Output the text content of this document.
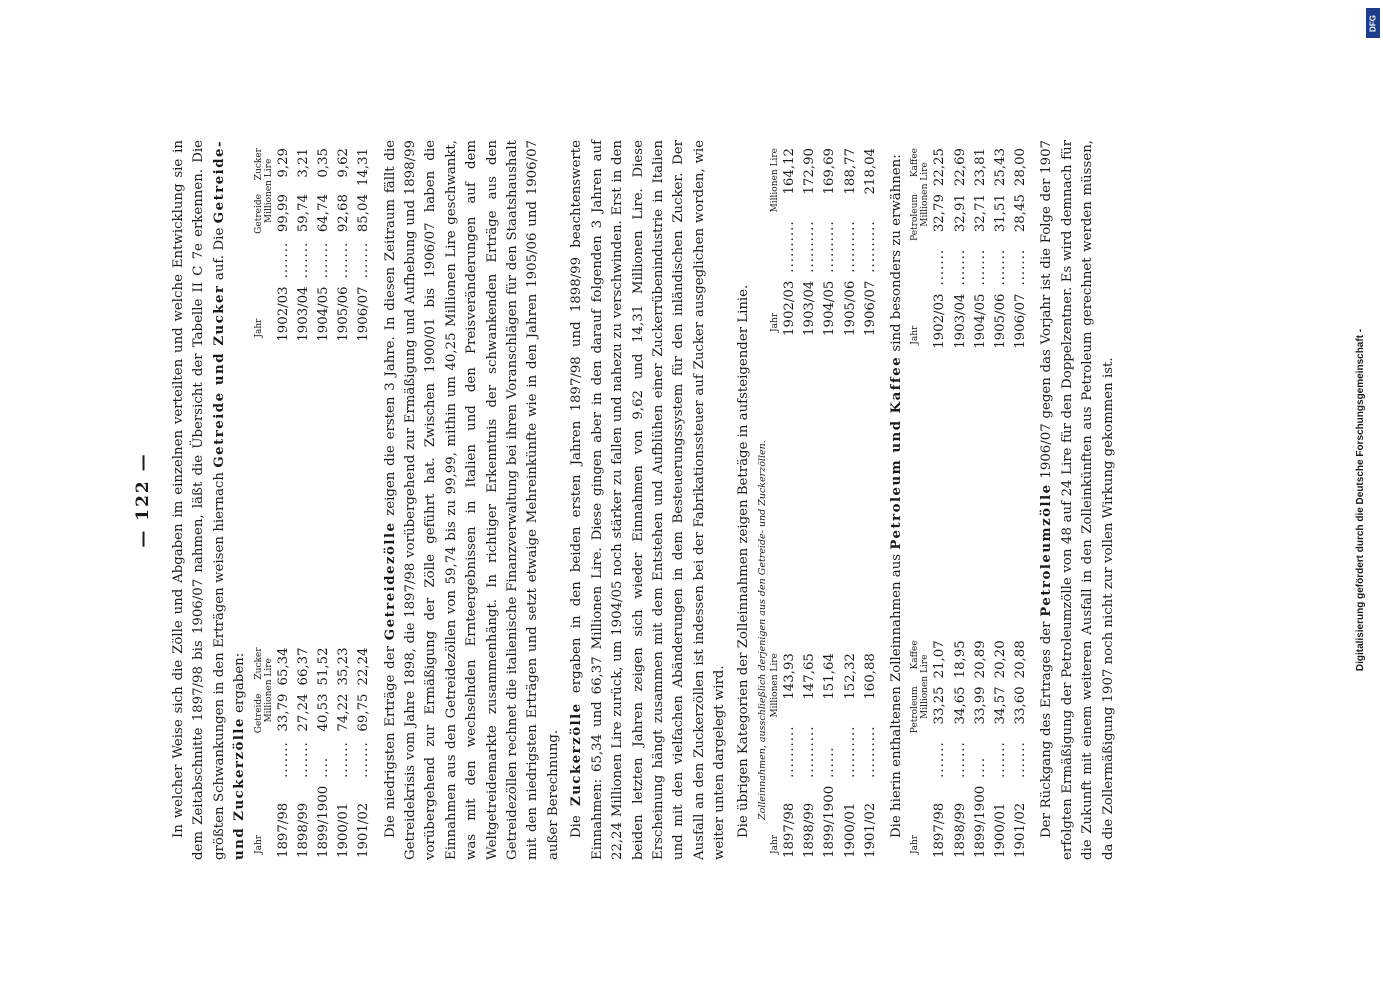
— 122 — In welcher Weise sich die Zölle und Abgaben im einzelnen verteilten und welche Entwicklung sie in dem Zeitabschnitte 1897/98 bis 1906/07 nahmen, läßt die Übersicht der Tabelle II C 7e erkennen. Die größten Schwankungen in den Erträgen weisen hiernach Getreide und Zucker auf. Die Getreide- und Zuckerzölle ergaben:

Jahr		Getreide	Zucker
		Millionen Lire	
1897/98	.......	33,79	65,34
1898/99	.......	27,24	66,37
1899/1900	....	40,53	51,52
1900/01	.......	74,22	35,23
1901/02	.......	69,75	22,24
Jahr		Getreide	Zucker
		Millionen Lire	
1902/03	.......	99,99	9,29
1903/04	.......	59,74	3,21
1904/05	.......	64,74	0,35
1905/06	.......	92,68	9,62
1906/07	.......	85,04	14,31

Die niedrigsten Erträge der Getreidezölle zeigen die ersten 3 Jahre. In diesen Zeitraum fällt die Getreidekrisis vom Jahre 1898, die 1897/98 vorübergehend zur Ermäßigung und Aufhebung und 1898/99 vorübergehend zur Ermäßigung der Zölle geführt hat. Zwischen 1900/01 bis 1906/07 haben die Einnahmen aus den Getreidezöllen von 59,74 bis zu 99,99, mithin um 40,25 Millionen Lire geschwankt, was mit den wechselnden Ernteergebnissen in Italien und den Preisveränderungen auf dem Weltgetreidemarkte zusammenhängt. In richtiger Erkenntnis der schwankenden Erträge aus den Getreidezöllen rechnet die italienische Finanzverwaltung bei ihren Voranschlägen für den Staatshaushalt mit den niedrigsten Erträgen und setzt etwaige Mehreinkünfte wie in den Jahren 1905/06 und 1906/07 außer Berechnung. Die Zuckerzölle ergaben in den beiden ersten Jahren 1897/98 und 1898/99 beachtenswerte Einnahmen: 65,34 und 66,37 Millionen Lire. Diese gingen aber in den darauf folgenden 3 Jahren auf 22,24 Millionen Lire zurück, um 1904/05 noch stärker zu fallen und nahezu zu verschwinden. Erst in den beiden letzten Jahren zeigen sich wieder Einnahmen von 9,62 und 14,31 Millionen Lire. Diese Erscheinung hängt zusammen mit dem Entstehen und Aufblühen einer Zuckerrübenindustrie in Italien und mit den vielfachen Abänderungen in dem Besteuerungssystem für den inländischen Zucker. Der Ausfall an den Zuckerzöllen ist indessen bei der Fabrikationssteuer auf Zucker ausgeglichen worden, wie weiter unten dargelegt wird. Die übrigen Kategorien der Zolleinnahmen zeigen Beträge in aufsteigender Linie. Zolleinnahmen, ausschließlich derjenigen aus den Getreide- und Zuckerzöllen.
Jahr		Millionen Lire
1897/98	..........	143,93
1898/99	..........	147,65
1899/1900	......	151,64
1900/01	..........	152,32
1901/02	..........	160,88
Jahr		Millionen Lire
1902/03	..........	164,12
1903/04	..........	172,90
1904/05	..........	169,69
1905/06	..........	188,77
1906/07	..........	218,04

Die hierin enthaltenen Zolleinnahmen aus Petroleum und Kaffee sind besonders zu erwähnen:

Jahr		Petroleum	Kaffee
		Millionen Lire	
1897/98	.......	33,25	21,07
1898/99	.......	34,65	18,95
1899/1900	....	33,99	20,89
1900/01	.......	34,57	20,20
1901/02	.......	33,60	20,88
Jahr		Petroleum	Kaffee
		Millionen Lire	
1902/03	.......	32,79	22,25
1903/04	.......	32,91	22,69
1904/05	.......	32,71	23,81
1905/06	.......	31,51	25,43
1906/07	.......	28,45	28,00

Der Rückgang des Ertrages der Petroleumzölle 1906/07 gegen das Vorjahr ist die Folge der 1907 erfolgten Ermäßigung der Petroleumzölle von 48 auf 24 Lire für den Doppelzentner. Es wird demnach für die Zukunft mit einem weiteren Ausfall in den Zolleinkünften aus Petroleum gerechnet werden müssen, da die Zollermäßigung 1907 noch nicht zur vollen Wirkung gekommen ist.	Digitalisierung gefördert durch die Deutsche Forschungsgemeinschaft -
DFG
